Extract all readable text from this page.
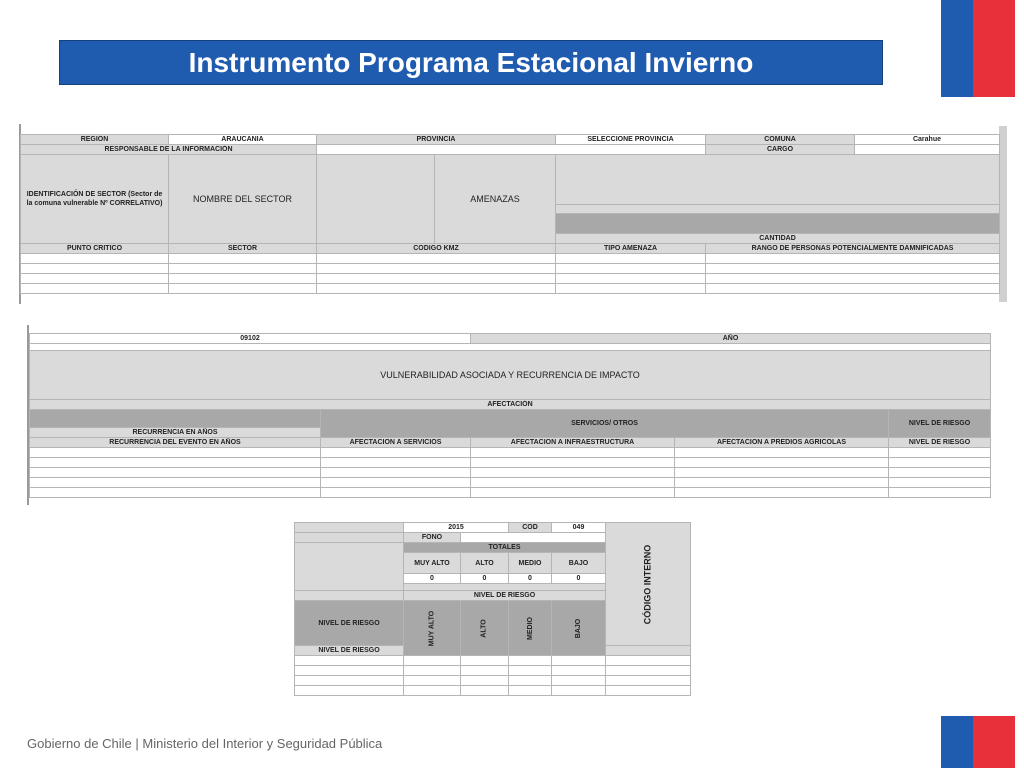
Instrumento Programa Estacional Invierno
REGIÓN	ARAUCANIA	PROVINCIA		SELECCIONE PROVINCIA	COMUNA	Carahue
RESPONSABLE DE LA INFORMACIÓN					CARGO	
IDENTIFICACIÓN DE SECTOR (Sector de la comuna vulnerable Nº CORRELATIVO)	NOMBRE DEL SECTOR		AMENAZAS			

				CANTIDAD		
PUNTO CRITICO	SECTOR	CODIGO KMZ		TIPO AMENAZA	RANGO DE PERSONAS POTENCIALMENTE DAMNIFICADAS	

09102		AÑO		

VULNERABILIDAD ASOCIADA Y RECURRENCIA DE IMPACTO				
AFECTACIÓN				
	SERVICIOS/ OTROS			NIVEL DE RIESGO
RECURRENCIA EN AÑOS				
RECURRENCIA DEL EVENTO EN AÑOS	AFECTACION A SERVICIOS	AFECTACION A INFRAESTRUCTURA	AFECTACION A PREDIOS AGRICOLAS	NIVEL DE RIESGO

	2015		COD	049	CÓDIGO INTERNO
	FONO				
	TOTALES				
	MUY ALTO	ALTO	MEDIO	BAJO	
	0	0	0	0	

	NIVEL DE RIESGO				
NIVEL DE RIESGO	MUY ALTO	ALTO	MEDIO	BAJO	
NIVEL DE RIESGO					

Gobierno de Chile | Ministerio del Interior y Seguridad Pública
